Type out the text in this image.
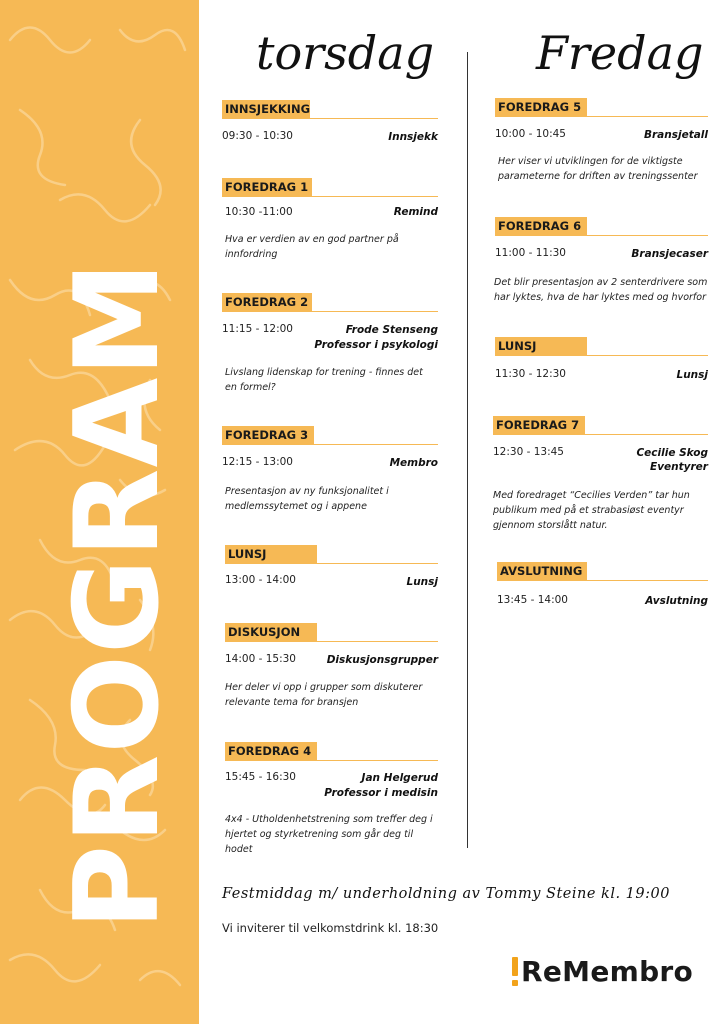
PROGRAM
torsdag Fredag
INNSJEKKING
09:30 - 10:30	Innsjekk
FOREDRAG 1
10:30 -11:00	Remind
Hva er verdien av en god partner på innfordring
FOREDRAG 2
11:15 - 12:00	Frode Stenseng
Professor i psykologi
Livslang lidenskap for trening - finnes det en formel?
FOREDRAG 3
12:15 - 13:00	Membro
Presentasjon av ny funksjonalitet i medlemssytemet og i appene
LUNSJ
13:00 - 14:00	Lunsj
DISKUSJON
14:00 - 15:30	Diskusjonsgrupper
Her deler vi opp i grupper som diskuterer relevante tema for bransjen
FOREDRAG 4
15:45 - 16:30	Jan Helgerud
Professor i medisin
4x4 - Utholdenhetstrening som treffer deg i hjertet og styrketrening som går deg til hodet
FOREDRAG 5
10:00 - 10:45	Bransjetall
Her viser vi utviklingen for de viktigste parameterne for driften av treningssenter
FOREDRAG 6
11:00 - 11:30	Bransjecaser
Det blir presentasjon av 2 senterdrivere som har lyktes, hva de har lyktes med og hvorfor
LUNSJ
11:30 - 12:30	Lunsj
FOREDRAG 7
12:30 - 13:45	Cecilie Skog
Eventyrer
Med foredraget “Cecilies Verden” tar hun publikum med på et strabasiøst eventyr gjennom storslått natur.
AVSLUTNING
13:45 - 14:00	Avslutning
Festmiddag m/ underholdning av Tommy Steine kl. 19:00
Vi inviterer til velkomstdrink kl. 18:30
ReMembro
